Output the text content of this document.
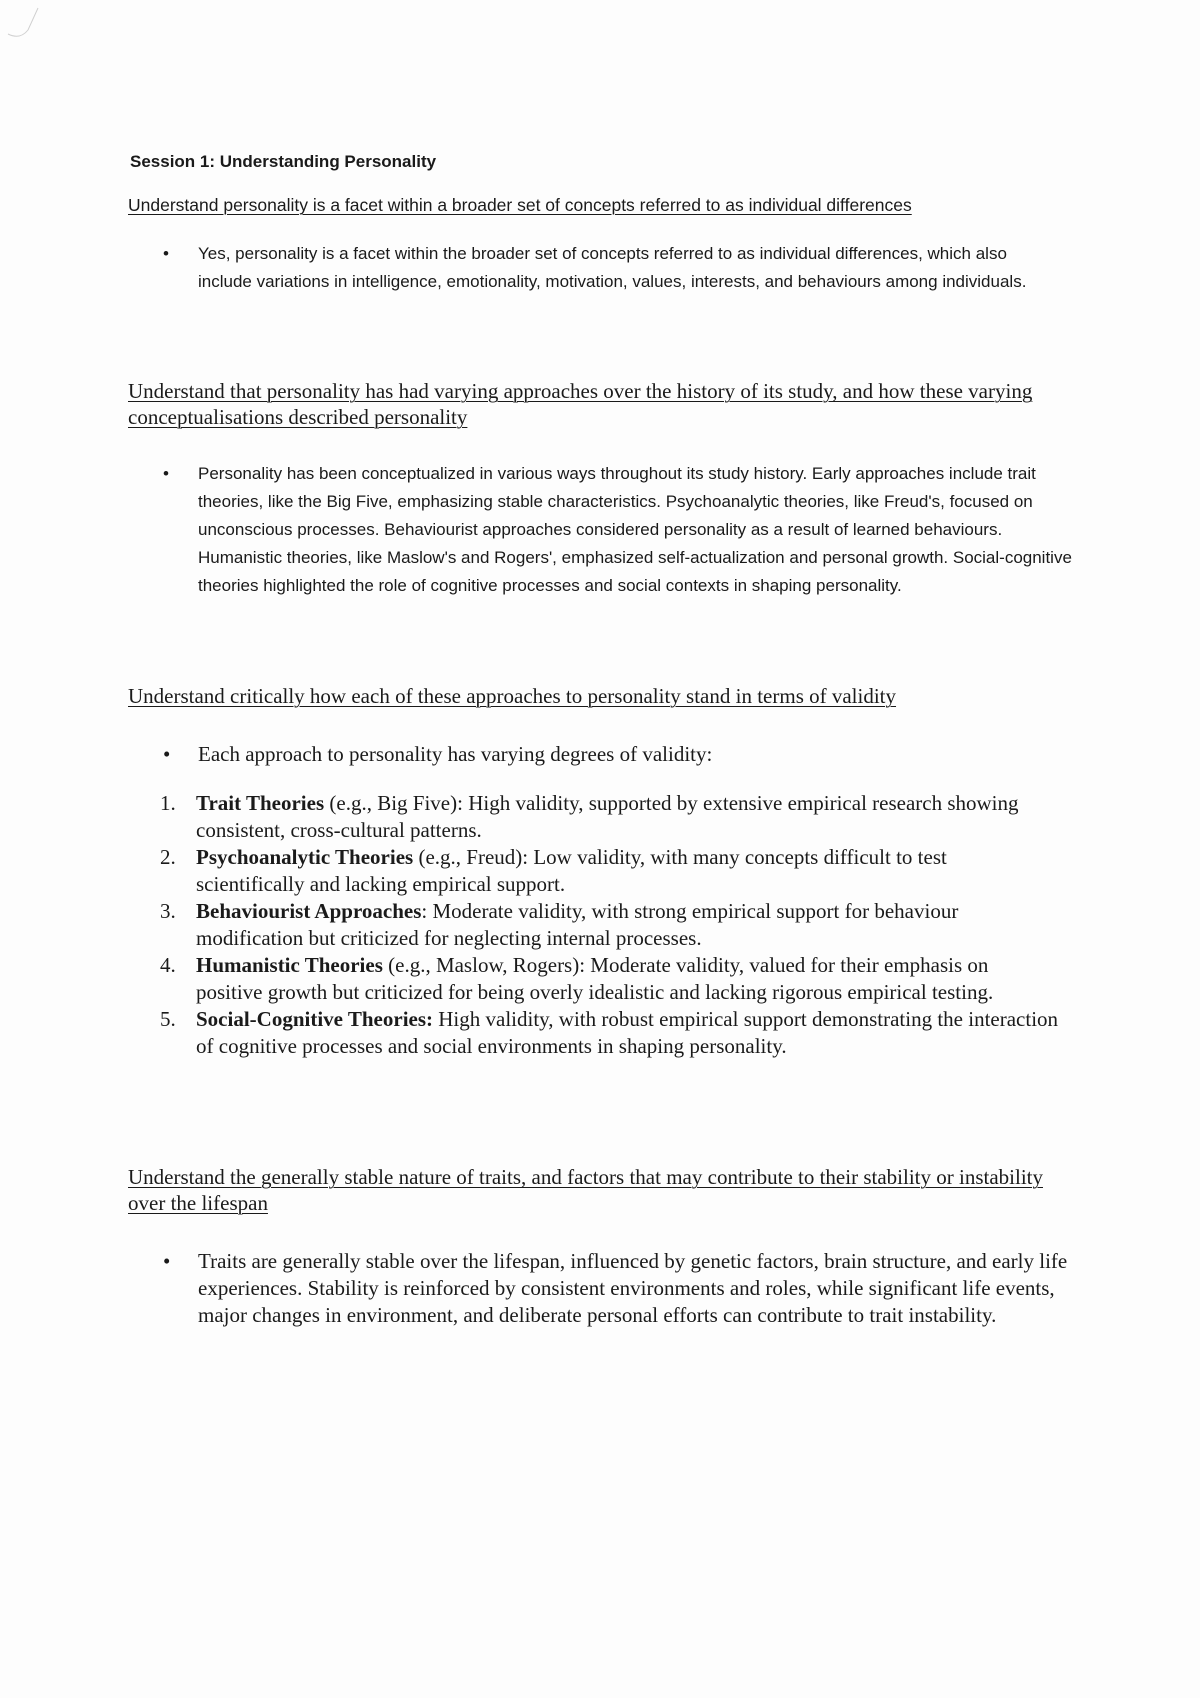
Session 1: Understanding Personality
Understand personality is a facet within a broader set of concepts referred to as individual differences
• Yes, personality is a facet within the broader set of concepts referred to as individual differences, which also include variations in intelligence, emotionality, motivation, values, interests, and behaviours among individuals.
Understand that personality has had varying approaches over the history of its study, and how these varying conceptualisations described personality
• Personality has been conceptualized in various ways throughout its study history. Early approaches include trait theories, like the Big Five, emphasizing stable characteristics. Psychoanalytic theories, like Freud's, focused on unconscious processes. Behaviourist approaches considered personality as a result of learned behaviours. Humanistic theories, like Maslow's and Rogers', emphasized self-actualization and personal growth. Social-cognitive theories highlighted the role of cognitive processes and social contexts in shaping personality.
Understand critically how each of these approaches to personality stand in terms of validity
• Each approach to personality has varying degrees of validity:
1. Trait Theories (e.g., Big Five): High validity, supported by extensive empirical research showing consistent, cross-cultural patterns.
2. Psychoanalytic Theories (e.g., Freud): Low validity, with many concepts difficult to test scientifically and lacking empirical support.
3. Behaviourist Approaches: Moderate validity, with strong empirical support for behaviour modification but criticized for neglecting internal processes.
4. Humanistic Theories (e.g., Maslow, Rogers): Moderate validity, valued for their emphasis on positive growth but criticized for being overly idealistic and lacking rigorous empirical testing.
5. Social-Cognitive Theories: High validity, with robust empirical support demonstrating the interaction of cognitive processes and social environments in shaping personality.
Understand the generally stable nature of traits, and factors that may contribute to their stability or instability over the lifespan
• Traits are generally stable over the lifespan, influenced by genetic factors, brain structure, and early life experiences. Stability is reinforced by consistent environments and roles, while significant life events, major changes in environment, and deliberate personal efforts can contribute to trait instability.
